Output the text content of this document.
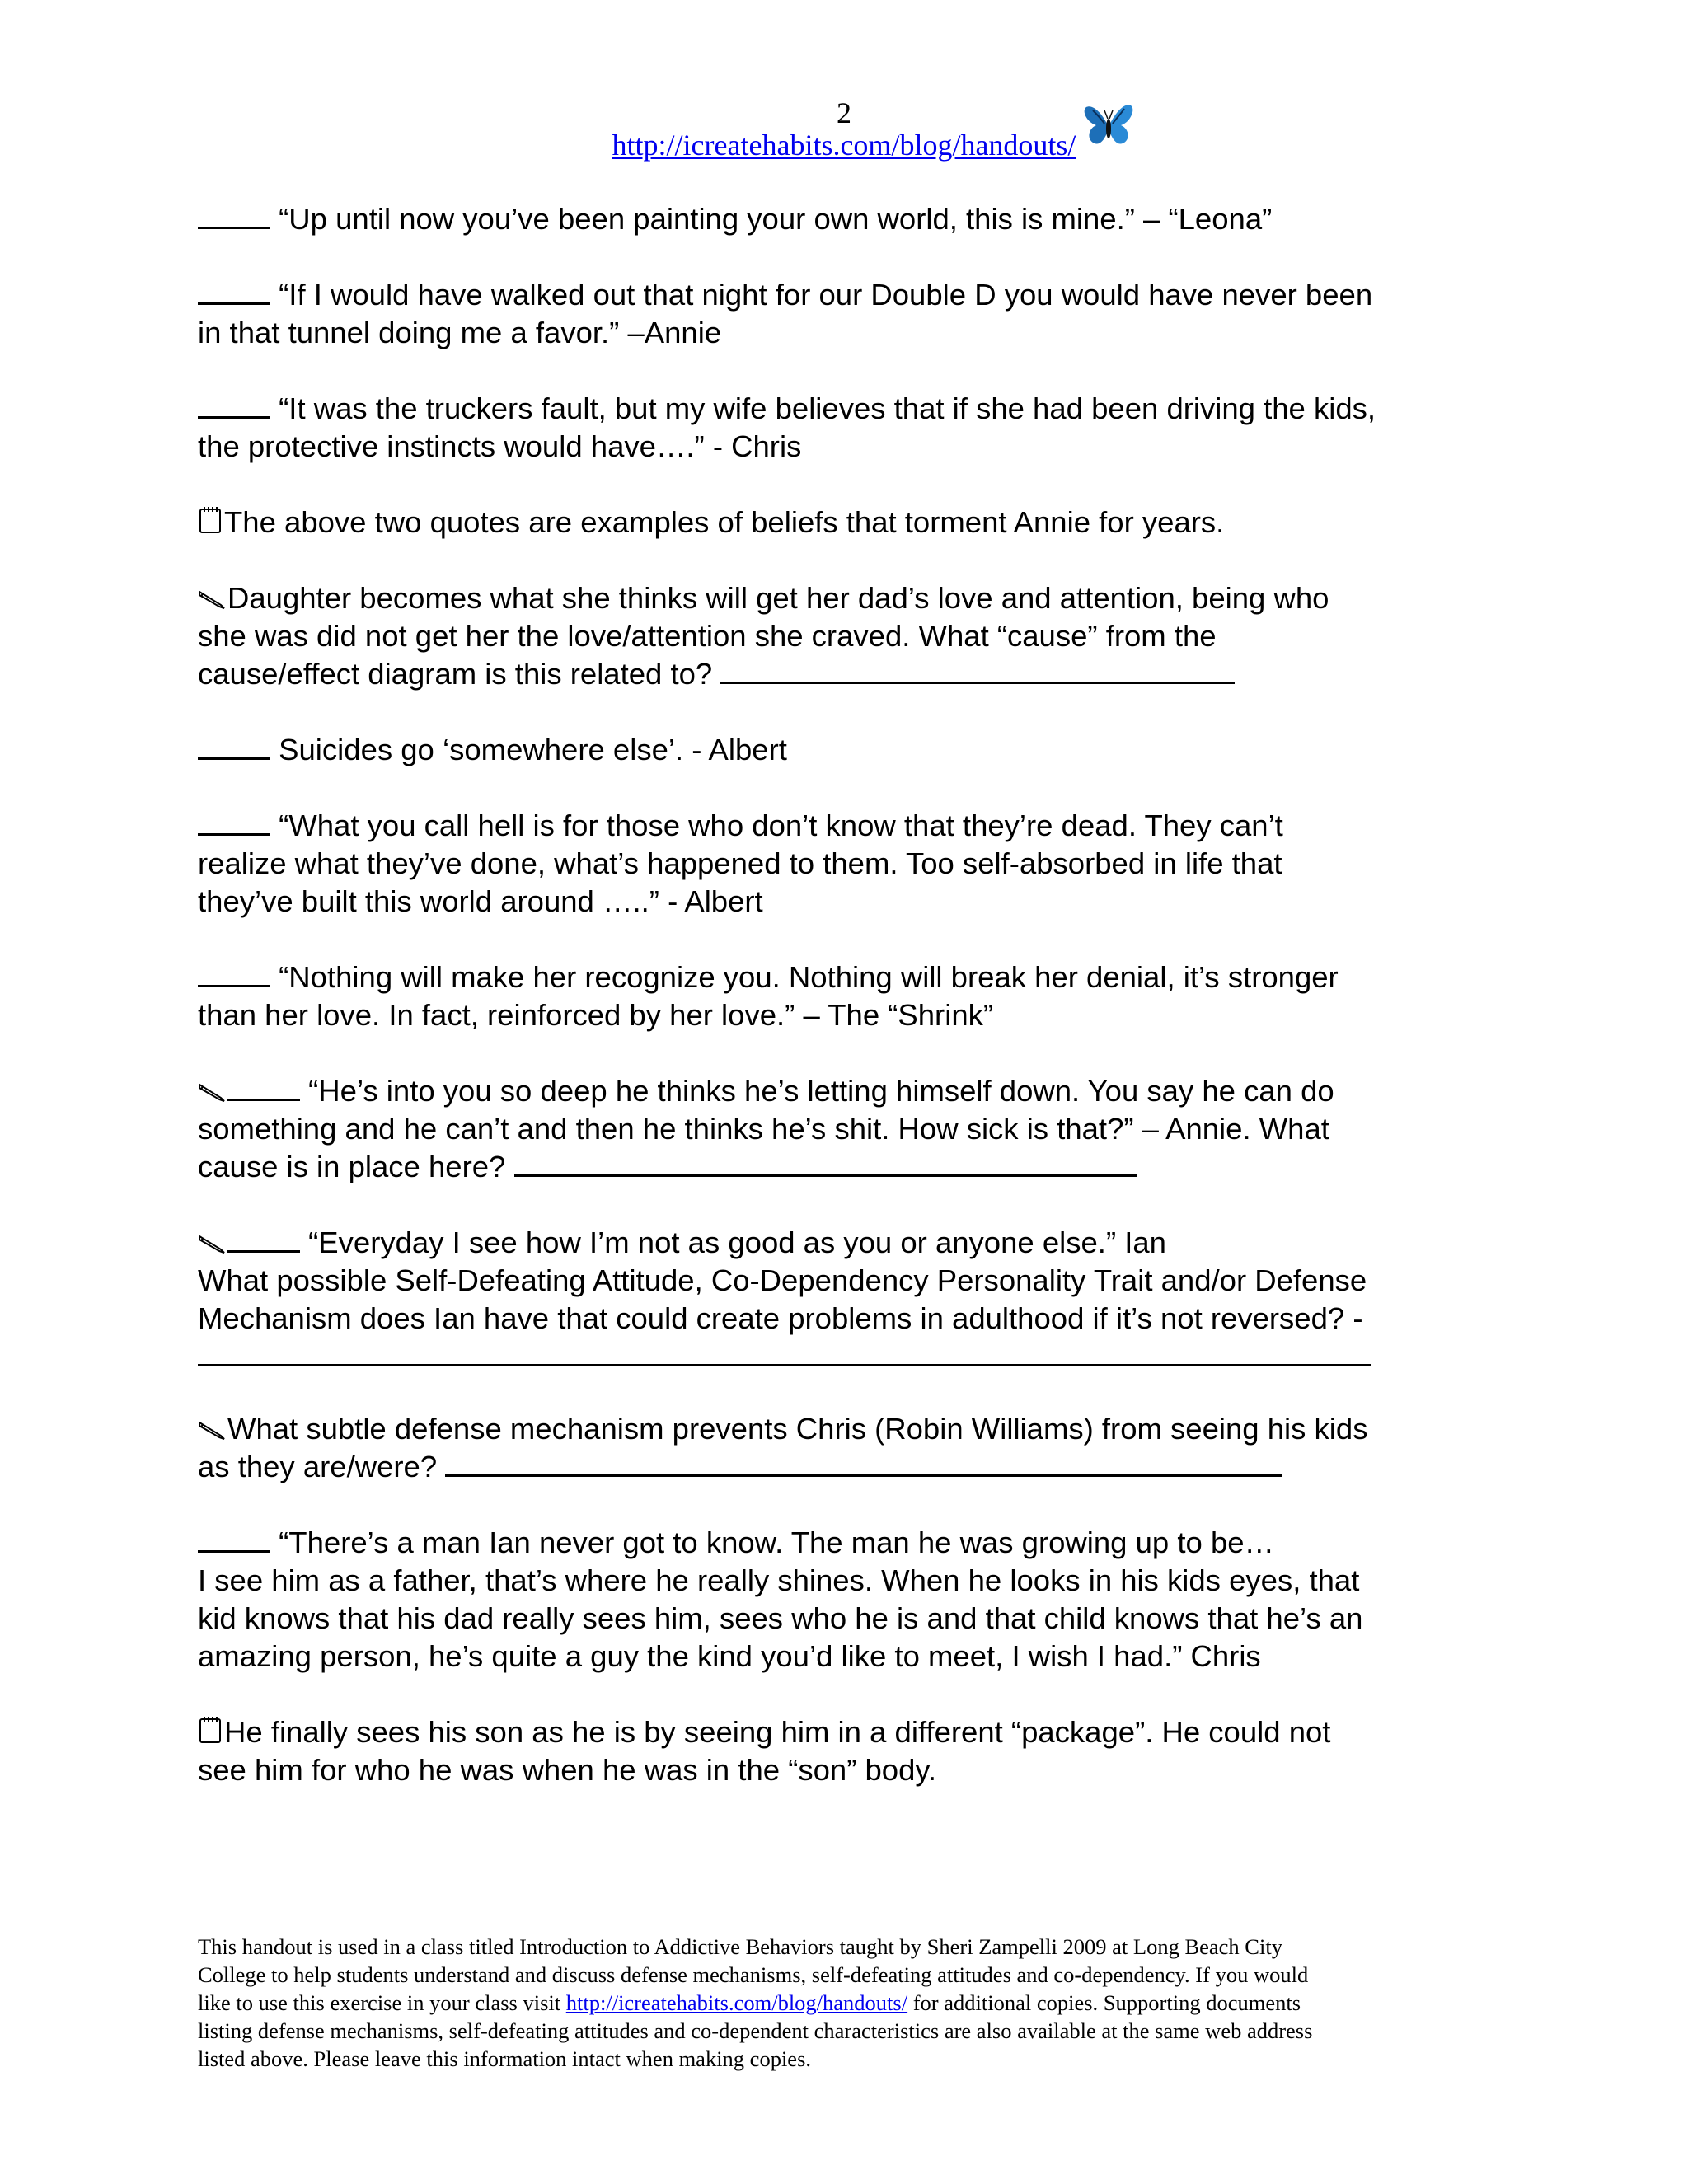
2
http://icreatehabits.com/blog/handouts/
“Up until now you’ve been painting your own world, this is mine.” – “Leona”
“If I would have walked out that night for our Double D you would have never been
in that tunnel doing me a favor.” –Annie
“It was the truckers fault, but my wife believes that if she had been driving the kids,
the protective instincts would have….” - Chris
The above two quotes are examples of beliefs that torment Annie for years.
Daughter becomes what she thinks will get her dad’s love and attention, being who
she was did not get her the love/attention she craved. What “cause” from the
cause/effect diagram is this related to?
Suicides go ‘somewhere else’. - Albert
“What you call hell is for those who don’t know that they’re dead. They can’t
realize what they’ve done, what’s happened to them. Too self-absorbed in life that
they’ve built this world around …..” - Albert
“Nothing will make her recognize you. Nothing will break her denial, it’s stronger
than her love. In fact, reinforced by her love.” – The “Shrink”
“He’s into you so deep he thinks he’s letting himself down. You say he can do
something and he can’t and then he thinks he’s shit. How sick is that?” – Annie. What
cause is in place here?
“Everyday I see how I’m not as good as you or anyone else.” Ian
What possible Self-Defeating Attitude, Co-Dependency Personality Trait and/or Defense
Mechanism does Ian have that could create problems in adulthood if it’s not reversed? -
What subtle defense mechanism prevents Chris (Robin Williams) from seeing his kids
as they are/were?
“There’s a man Ian never got to know. The man he was growing up to be…
I see him as a father, that’s where he really shines. When he looks in his kids eyes, that
kid knows that his dad really sees him, sees who he is and that child knows that he’s an
amazing person, he’s quite a guy the kind you’d like to meet, I wish I had.” Chris
He finally sees his son as he is by seeing him in a different “package”. He could not
see him for who he was when he was in the “son” body.
This handout is used in a class titled Introduction to Addictive Behaviors taught by Sheri Zampelli 2009 at Long Beach City
College to help students understand and discuss defense mechanisms, self-defeating attitudes and co-dependency. If you would
like to use this exercise in your class visit http://icreatehabits.com/blog/handouts/ for additional copies. Supporting documents
listing defense mechanisms, self-defeating attitudes and co-dependent characteristics are also available at the same web address
listed above. Please leave this information intact when making copies.
